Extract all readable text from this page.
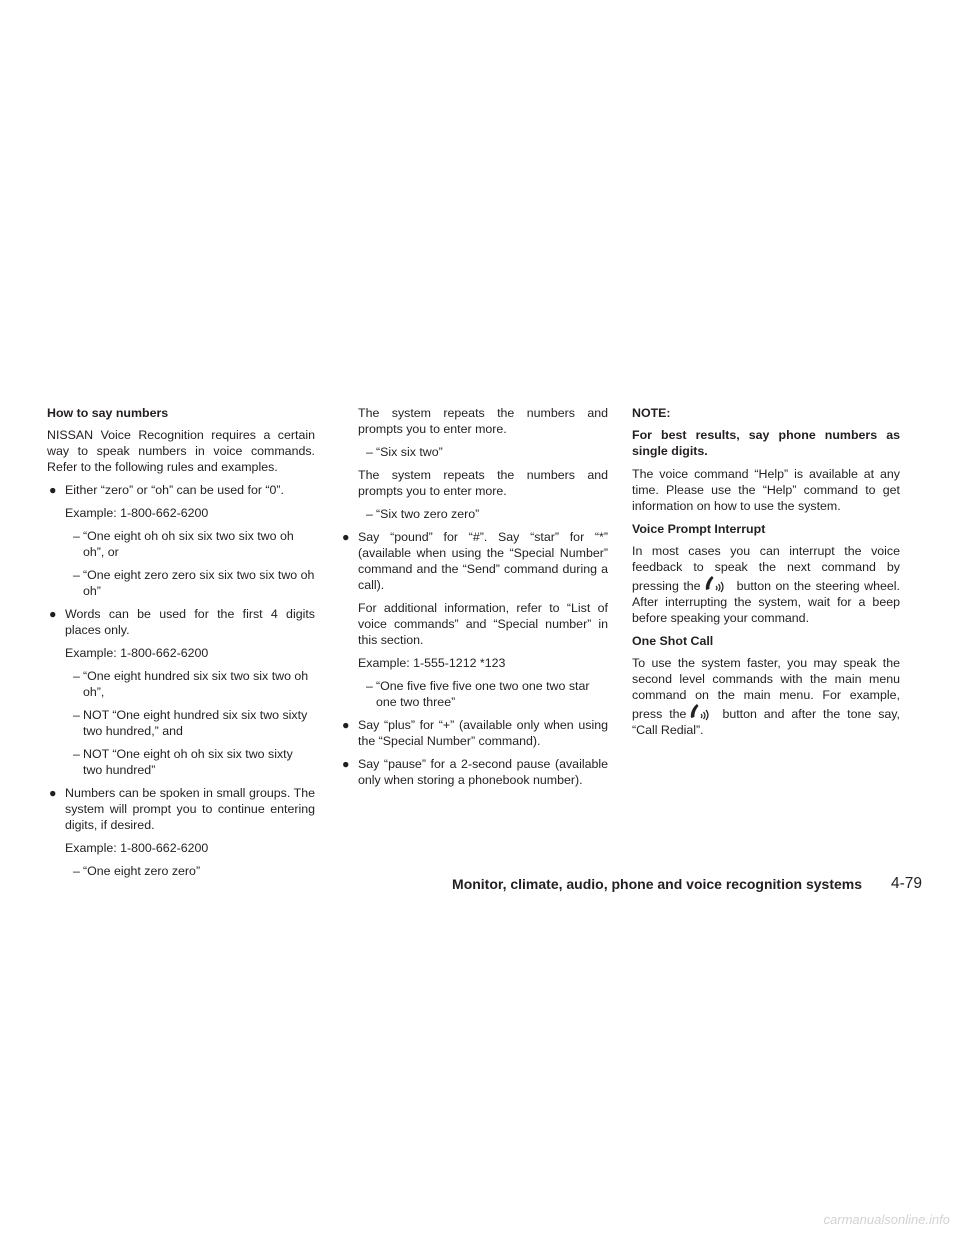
How to say numbers
NISSAN Voice Recognition requires a certain way to speak numbers in voice commands. Refer to the following rules and examples.
● Either “zero” or “oh” can be used for “0”.
Example: 1-800-662-6200
– “One eight oh oh six six two six two oh oh”, or
– “One eight zero zero six six two six two oh oh”
● Words can be used for the first 4 digits places only.
Example: 1-800-662-6200
– “One eight hundred six six two six two oh oh”,
– NOT “One eight hundred six six two sixty two hundred,” and
– NOT “One eight oh oh six six two sixty two hundred”
● Numbers can be spoken in small groups. The system will prompt you to continue entering digits, if desired.
Example: 1-800-662-6200
– “One eight zero zero”
The system repeats the numbers and prompts you to enter more.
– “Six six two”
The system repeats the numbers and prompts you to enter more.
– “Six two zero zero”
● Say “pound” for “#”. Say “star” for “*” (available when using the “Special Number” command and the “Send” command during a call).
For additional information, refer to “List of voice commands” and “Special number” in this section.
Example: 1-555-1212 *123
– “One five five five one two one two star one two three”
● Say “plus” for “+” (available only when using the “Special Number” command).
● Say “pause” for a 2-second pause (available only when storing a phonebook number).
NOTE:
For best results, say phone numbers as single digits.
The voice command “Help” is available at any time. Please use the “Help” command to get information on how to use the system.
Voice Prompt Interrupt
In most cases you can interrupt the voice feedback to speak the next command by pressing the	button on the steering wheel. After interrupting the system, wait for a beep before speaking your command.
One Shot Call
To use the system faster, you may speak the second level commands with the main menu command on the main menu. For example, press the	button and after the tone say, “Call Redial”.
Monitor, climate, audio, phone and voice recognition systems 4-79
carmanualsonline.info
